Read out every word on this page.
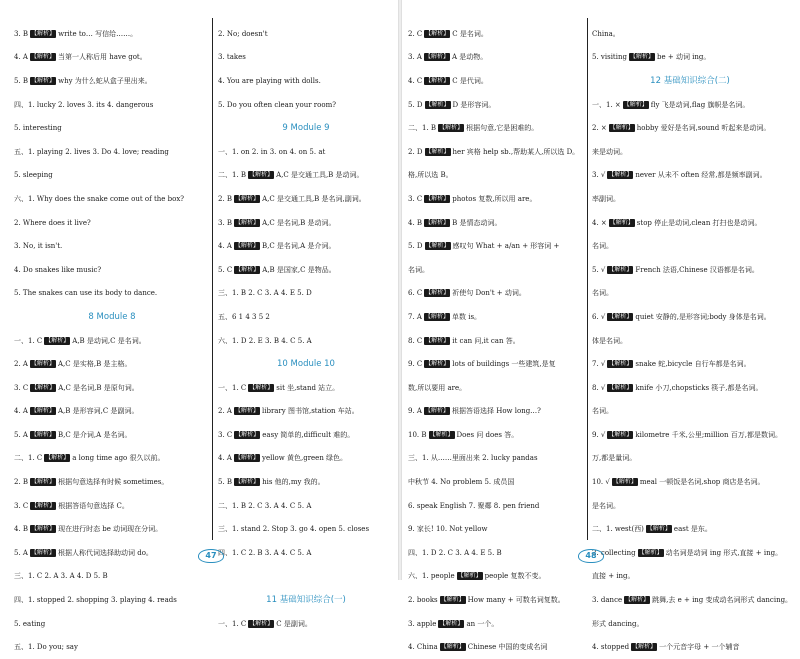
3. B 【解析】 write to… 写信给……。
4. A 【解析】 当第一人称后用 have got。
5. B 【解析】 why 为什么蛇从盒子里出来。
四、1. lucky 2. loves 3. its 4. dangerous
5. interesting
五、1. playing 2. lives 3. Do 4. love; reading
5. sleeping
六、1. Why does the snake come out of the box?
2. Where does it live?
3. No, it isn't.
4. Do snakes like music?
5. The snakes can use its body to dance.
8 Module 8
一、1. C 【解析】 A,B 是动词,C 是名词。
2. A 【解析】 A,C 是实格,B 是主格。
3. C 【解析】 A,C 是名词,B 是原句词。
4. A 【解析】 A,B 是形容词,C 是副词。
5. A 【解析】 B,C 是介词,A 是名词。
二、1. C 【解析】 a long time ago 很久以前。
2. B 【解析】 根据句意选择有时候 sometimes。
3. C 【解析】 根据答语句意选择 C。
4. B 【解析】 现在进行时态 be 动词现在分词。
5. A 【解析】 根据人称代词选择助动词 do。
三、1. C 2. A 3. A 4. D 5. B
四、1. stopped 2. shopping 3. playing 4. reads
5. eating
五、1. Do you; say
2. No; doesn't
3. takes
4. You are playing with dolls.
5. Do you often clean your room?
9 Module 9
一、1. on 2. in 3. on 4. on 5. at
二、1. B 【解析】 A,C 是交通工具,B 是动词。
2. B 【解析】 A,C 是交通工具,B 是名词,副词。
3. B 【解析】 A,C 是名词,B 是动词。
4. A 【解析】 B,C 是名词,A 是介词。
5. C 【解析】 A,B 是国家,C 是物品。
三、1. B 2. C 3. A 4. E 5. D
五、6 1 4 3 5 2
六、1. D 2. E 3. B 4. C 5. A
10 Module 10
一、1. C 【解析】 sit 坐,stand 站立。
2. A 【解析】 library 图书馆,station 车站。
3. C 【解析】 easy 简单的,difficult 难的。
4. A 【解析】 yellow 黄色,green 绿色。
5. B 【解析】 his 他的,my 我的。
二、1. B 2. C 3. A 4. C 5. A
三、1. stand 2. Stop 3. go 4. open 5. closes
四、1. C 2. B 3. A 4. C 5. A
11 基础知识综合(一)
一、1. C 【解析】 C 是副词。
2. C 【解析】 C 是名词。
3. A 【解析】 A 是动物。
4. C 【解析】 C 是代词。
5. D 【解析】 D 是形容词。
二、1. B 【解析】 根据句意,它是困难的。
2. D 【解析】 her 宾格 help sb.,帮助某人,所以选 D。
格,所以选 B。
3. C 【解析】 photos 复数,所以用 are。
4. B 【解析】 B 是情态动词。
5. D 【解析】 感叹句 What + a/an + 形容词 +
名词。
6. C 【解析】 祈使句 Don't + 动词。
7. A 【解析】 单数 is。
8. C 【解析】 it can 问,it can 答。
9. C 【解析】 lots of buildings 一些建筑,是复
数,所以要用 are。
9. A 【解析】 根据答语选择 How long…?
10. B 【解析】 Does 问 does 答。
三、1. 从……里面出来 2. lucky pandas
中秋节 4. No problem 5. 成员国
6. speak English 7. 聚鄰 8. pen friend
9. 家长! 10. Not yellow
四、1. D 2. C 3. A 4. E 5. B
六、1. people 【解析】 people 复数不变。
2. books 【解析】 How many + 可数名词复数。
3. apple 【解析】 an 一个。
4. China 【解析】 Chinese 中国的变成名词
China。
5. visiting 【解析】 be + 动词 ing。
12 基础知识综合(二)
一、1. × 【解析】 fly 飞是动词,flag 旗帜是名词。
2. × 【解析】 hobby 爱好是名词,sound 听起来是动词。
来是动词。
3. √ 【解析】 never 从未不 often 经常,都是频率副词。
率副词。
4. × 【解析】 stop 停止是动词,clean 打扫也是动词。
名词。
5. √ 【解析】 French 法语,Chinese 汉语都是名词。
名词。
6. √ 【解析】 quiet 安静的,是形容词;body 身体是名词。
体是名词。
7. √ 【解析】 snake 蛇,bicycle 自行车都是名词。
8. √ 【解析】 knife 小刀,chopsticks 筷子,都是名词。
名词。
9. √ 【解析】 kilometre 千米,公里;million 百万,都是数词。
万,都是量词。
10. √ 【解析】 meal 一顿饭是名词,shop 商店是名词。
是名词。
二、1. west(西) 【解析】 east 是东。
2. collecting 【解析】 动名词是动词 ing 形式,直接 + ing。
直接 + ing。
3. dance 【解析】 跳舞,去 e + ing 变成动名词形式 dancing。
形式 dancing。
4. stopped 【解析】 一个元音字母 + 一个辅音
47	48
